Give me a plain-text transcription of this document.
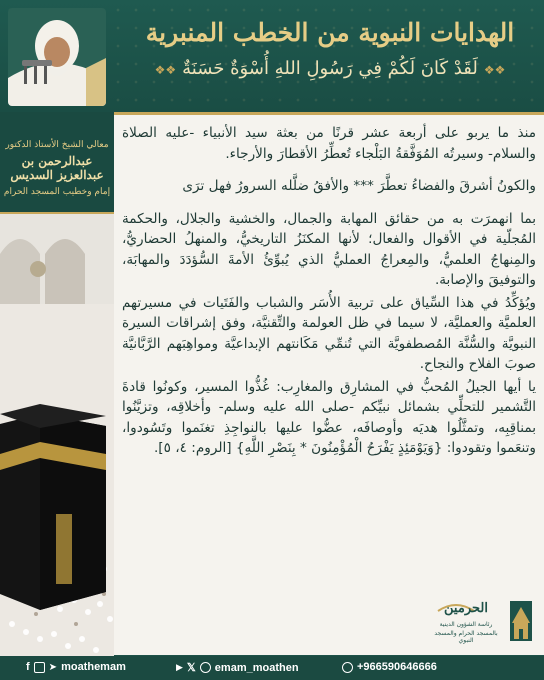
الهدايات النبوية من الخطب المنبرية
❖❖لَقَدْ كَانَ لَكُمْ فِي رَسُولِ اللهِ أُسْوَةٌ حَسَنَةٌ❖❖
معالي الشيخ الأستاذ الدكتور
عبدالرحمن بن عبدالعزيز السديس
إمام وخطيب المسجد الحرام

منذ ما يربو على أربعة عشر قرنًا من بعثة سيد الأنبياء -عليه الصلاة والسلام- وسيرتُه المُوَفَّقةُ البَلْجاء تُعطِّرُ الأقطارَ والأرجاء.

والكونُ أشرقَ والفضاءُ تعطَّرَ *** والأفقُ ضلَّله السرورُ فهل ترَى

بما انهمرَت به من حقائق المهابة والجمال، والخشية والجلال، والحكمة المُجلّية في الأقوال والفعال؛ لأنها المكنَزُ التاريخيُّ، والمنهلُ الحضاريُّ، والمِنهاجُ العلميُّ، والمِعراجُ العمليُّ الذي يُبوِّئُ الأمةَ السُّؤدَدَ والمهابَة، والتوفيقَ والإصابة.

ويُؤكِّدُ في هذا السِّياق على تربية الأُسَر والشباب والفَتَيات في مسيرتهم العلميَّة والعمليَّة، لا سيما في ظل العولمة والتِّقنيَّة، وفق إشراقات السيرة النبويَّة والسُّنَّة المُصطفويَّة التي تُنمِّي مَكَانتهم الإبداعيَّة ومواهِبَهم الرَّبَّانيَّة صوبَ الفلاح والنجاح.

يا أيها الجيلُ المُحبُّ في المشارِق والمغارِب: غُذُّوا المسير، وكونُوا قادةَ التَّشمير للتحلِّي بشمائل نبيِّكم -صلى الله عليه وسلم- وأخلاقِه، وتزيَّنُوا بمناقِبِه، وتمثَّلُوا هديَه وأوصافَه، عضُّوا عليها بالنواجِذِ تغنَموا وتَسُودوا، وتنعَموا وتقودوا: {وَيَوْمَئِذٍ يَفْرَحُ الْمُؤْمِنُونَ * بِنَصْرِ اللَّهِ} [الروم: ٤، ٥].

الحرمين
رئاسة الشؤون الدينية
بالمسجد الحرام والمسجد النبوي
f ➤ moathemam	▶ 𝕏 emam_moathen	+966590646666
